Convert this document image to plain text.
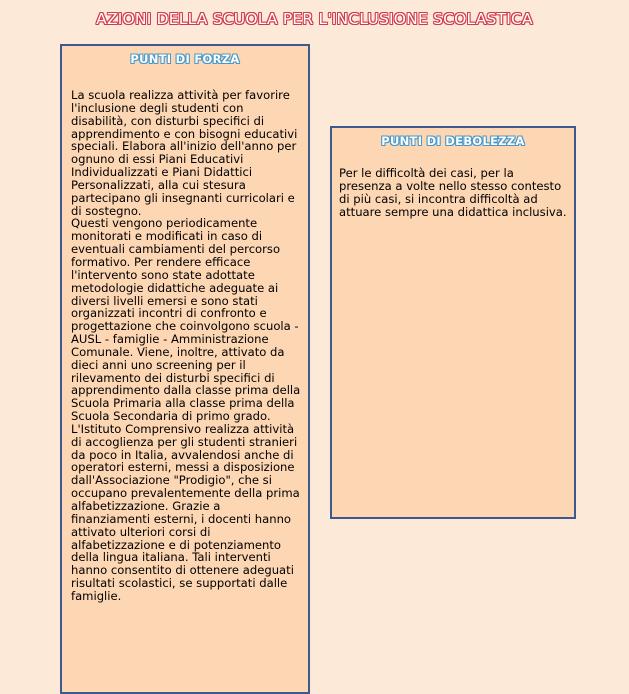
AZIONI DELLA SCUOLA PER L'INCLUSIONE SCOLASTICA
PUNTI DI FORZA

La scuola realizza attività per favorire l'inclusione degli studenti con disabilità, con disturbi specifici di apprendimento e con bisogni educativi speciali. Elabora all'inizio dell'anno per ognuno di essi Piani Educativi Individualizzati e Piani Didattici Personalizzati, alla cui stesura partecipano gli insegnanti curricolari e di sostegno.
Questi vengono periodicamente monitorati e modificati in caso di eventuali cambiamenti del percorso formativo. Per rendere efficace l'intervento sono state adottate metodologie didattiche adeguate ai diversi livelli emersi e sono stati organizzati incontri di confronto e progettazione che coinvolgono scuola - AUSL - famiglie - Amministrazione Comunale. Viene, inoltre, attivato da dieci anni uno screening per il rilevamento dei disturbi specifici di apprendimento dalla classe prima della Scuola Primaria alla classe prima della Scuola Secondaria di primo grado.
L'Istituto Comprensivo realizza attività di accoglienza per gli studenti stranieri da poco in Italia, avvalendosi anche di operatori esterni, messi a disposizione dall'Associazione "Prodigio", che si occupano prevalentemente della prima alfabetizzazione. Grazie a finanziamenti esterni, i docenti hanno attivato ulteriori corsi di alfabetizzazione e di potenziamento della lingua italiana. Tali interventi hanno consentito di ottenere adeguati risultati scolastici, se supportati dalle famiglie.

PUNTI DI DEBOLEZZA

Per le difficoltà dei casi, per la presenza a volte nello stesso contesto di più casi, si incontra difficoltà ad attuare sempre una didattica inclusiva.
